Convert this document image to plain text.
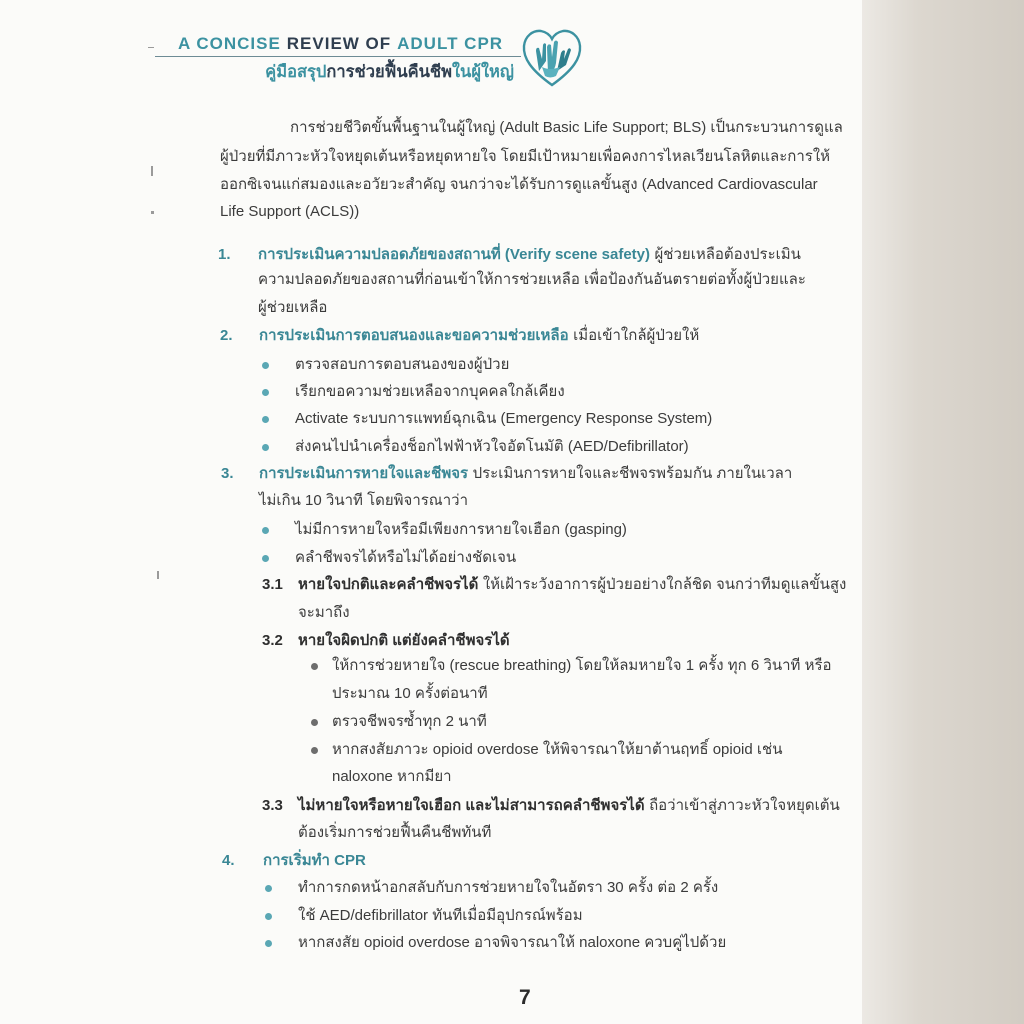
A CONCISE REVIEW OF ADULT CPR
คู่มือสรุปการช่วยฟื้นคืนชีพในผู้ใหญ่
การช่วยชีวิตขั้นพื้นฐานในผู้ใหญ่ (Adult Basic Life Support; BLS) เป็นกระบวนการดูแล
ผู้ป่วยที่มีภาวะหัวใจหยุดเต้นหรือหยุดหายใจ โดยมีเป้าหมายเพื่อคงการไหลเวียนโลหิตและการให้
ออกซิเจนแก่สมองและอวัยวะสำคัญ จนกว่าจะได้รับการดูแลขั้นสูง (Advanced Cardiovascular
Life Support (ACLS))
1. การประเมินความปลอดภัยของสถานที่ (Verify scene safety) ผู้ช่วยเหลือต้องประเมิน
ความปลอดภัยของสถานที่ก่อนเข้าให้การช่วยเหลือ เพื่อป้องกันอันตรายต่อทั้งผู้ป่วยและ
ผู้ช่วยเหลือ
2. การประเมินการตอบสนองและขอความช่วยเหลือ เมื่อเข้าใกล้ผู้ป่วยให้
ตรวจสอบการตอบสนองของผู้ป่วย
เรียกขอความช่วยเหลือจากบุคคลใกล้เคียง
Activate ระบบการแพทย์ฉุกเฉิน (Emergency Response System)
ส่งคนไปนำเครื่องช็อกไฟฟ้าหัวใจอัตโนมัติ (AED/Defibrillator)
3. การประเมินการหายใจและชีพจร ประเมินการหายใจและชีพจรพร้อมกัน ภายในเวลา
ไม่เกิน 10 วินาที โดยพิจารณาว่า
ไม่มีการหายใจหรือมีเพียงการหายใจเฮือก (gasping)
คลำชีพจรได้หรือไม่ได้อย่างชัดเจน
3.1 หายใจปกติและคลำชีพจรได้ ให้เฝ้าระวังอาการผู้ป่วยอย่างใกล้ชิด จนกว่าทีมดูแลขั้นสูง
จะมาถึง
3.2 หายใจผิดปกติ แต่ยังคลำชีพจรได้
ให้การช่วยหายใจ (rescue breathing) โดยให้ลมหายใจ 1 ครั้ง ทุก 6 วินาที หรือ
ประมาณ 10 ครั้งต่อนาที
ตรวจชีพจรซ้ำทุก 2 นาที
หากสงสัยภาวะ opioid overdose ให้พิจารณาให้ยาต้านฤทธิ์ opioid เช่น
naloxone หากมียา
3.3 ไม่หายใจหรือหายใจเฮือก และไม่สามารถคลำชีพจรได้ ถือว่าเข้าสู่ภาวะหัวใจหยุดเต้น
ต้องเริ่มการช่วยฟื้นคืนชีพทันที
4. การเริ่มทำ CPR
ทำการกดหน้าอกสลับกับการช่วยหายใจในอัตรา 30 ครั้ง ต่อ 2 ครั้ง
ใช้ AED/defibrillator ทันทีเมื่อมีอุปกรณ์พร้อม
หากสงสัย opioid overdose อาจพิจารณาให้ naloxone ควบคู่ไปด้วย
7
